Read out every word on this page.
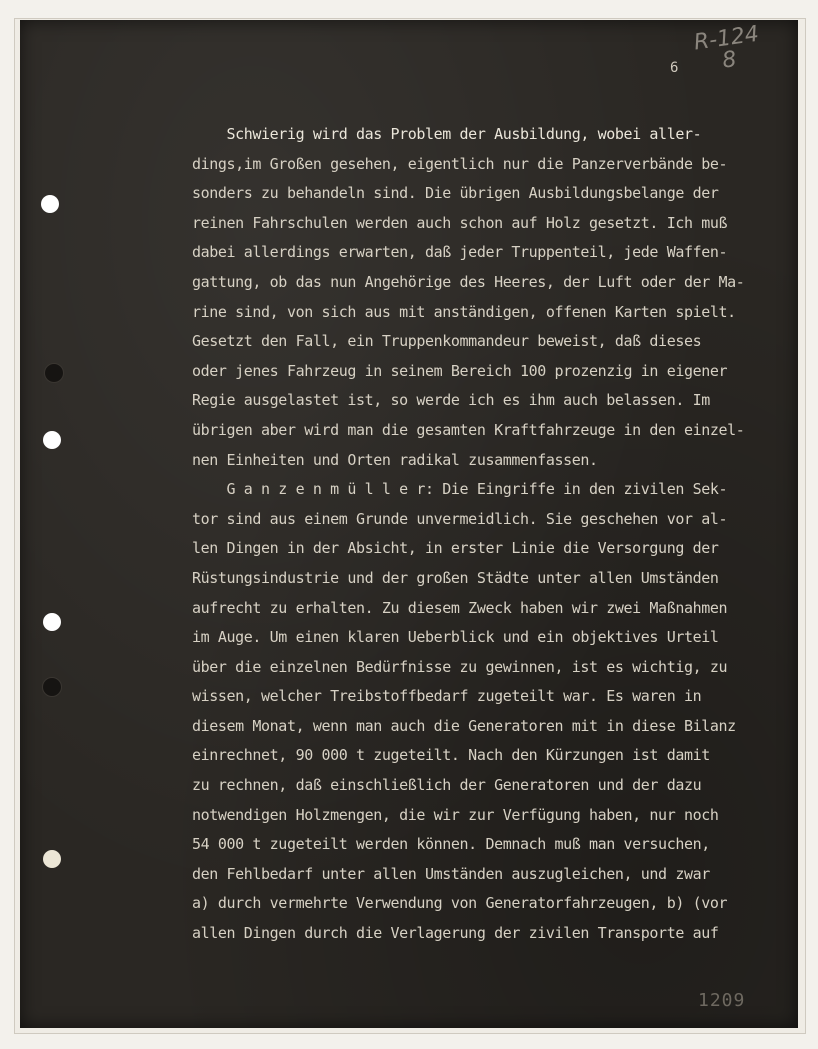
R-124
8
6
Schwierig wird das Problem der Ausbildung, wobei aller-
dings,im Großen gesehen, eigentlich nur die Panzerverbände be-
sonders zu behandeln sind. Die übrigen Ausbildungsbelange der
reinen Fahrschulen werden auch schon auf Holz gesetzt. Ich muß
dabei allerdings erwarten, daß jeder Truppenteil, jede Waffen-
gattung, ob das nun Angehörige des Heeres, der Luft oder der Ma-
rine sind, von sich aus mit anständigen, offenen Karten spielt.
Gesetzt den Fall, ein Truppenkommandeur beweist, daß dieses
oder jenes Fahrzeug in seinem Bereich 100 prozenzig in eigener
Regie ausgelastet ist, so werde ich es ihm auch belassen. Im
übrigen aber wird man die gesamten Kraftfahrzeuge in den einzel-
nen Einheiten und Orten radikal zusammenfassen.
G a n z e n m ü l l e r: Die Eingriffe in den zivilen Sek-
tor sind aus einem Grunde unvermeidlich. Sie geschehen vor al-
len Dingen in der Absicht, in erster Linie die Versorgung der
Rüstungsindustrie und der großen Städte unter allen Umständen
aufrecht zu erhalten. Zu diesem Zweck haben wir zwei Maßnahmen
im Auge. Um einen klaren Ueberblick und ein objektives Urteil
über die einzelnen Bedürfnisse zu gewinnen, ist es wichtig, zu
wissen, welcher Treibstoffbedarf zugeteilt war. Es waren in
diesem Monat, wenn man auch die Generatoren mit in diese Bilanz
einrechnet, 90 000 t zugeteilt. Nach den Kürzungen ist damit
zu rechnen, daß einschließlich der Generatoren und der dazu
notwendigen Holzmengen, die wir zur Verfügung haben, nur noch
54 000 t zugeteilt werden können. Demnach muß man versuchen,
den Fehlbedarf unter allen Umständen auszugleichen, und zwar
a) durch vermehrte Verwendung von Generatorfahrzeugen, b) (vor
allen Dingen durch die Verlagerung der zivilen Transporte auf
1209
